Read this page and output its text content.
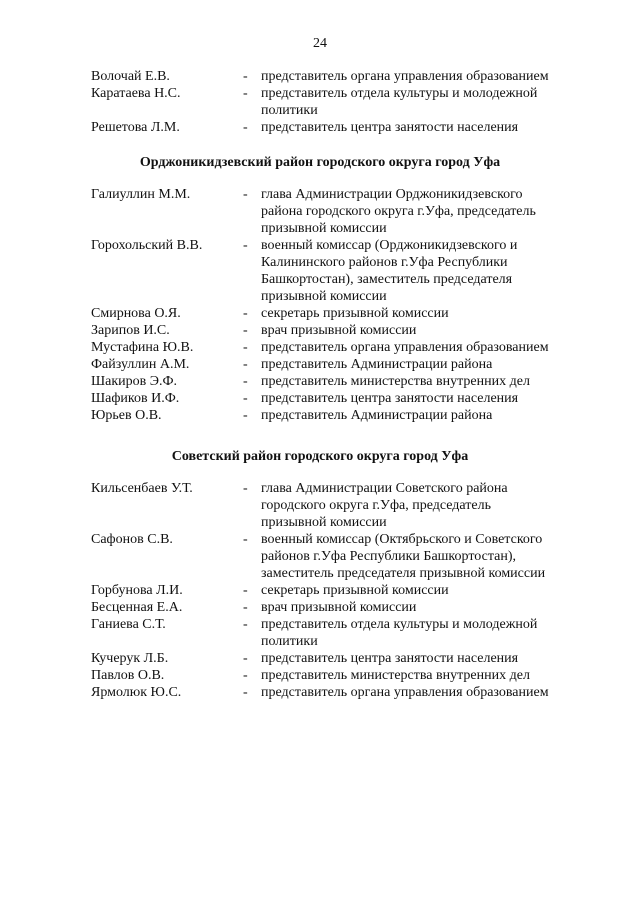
24
Волочай Е.В.	- представитель органа управления образованием
Каратаева Н.С.	- представитель отдела культуры и молодежной
политики
Решетова Л.М.	- представитель центра занятости населения
Орджоникидзевский район городского округа город Уфа
Галиуллин М.М.	- глава Администрации Орджоникидзевского
района городского округа г.Уфа, председатель
призывной комиссии
Горохольский В.В.	- военный комиссар (Орджоникидзевского и
Калининского районов г.Уфа Республики
Башкортостан), заместитель председателя
призывной комиссии
Смирнова О.Я.	- секретарь призывной комиссии
Зарипов И.С.	- врач призывной комиссии
Мустафина Ю.В.	- представитель органа управления образованием
Файзуллин А.М.	- представитель Администрации района
Шакиров Э.Ф.	- представитель министерства внутренних дел
Шафиков И.Ф.	- представитель центра занятости населения
Юрьев О.В.	- представитель Администрации района
Советский район городского округа город Уфа
Кильсенбаев У.Т.	- глава Администрации Советского района
городского округа г.Уфа, председатель
призывной комиссии
Сафонов С.В.	- военный комиссар (Октябрьского и Советского
районов г.Уфа Республики Башкортостан),
заместитель председателя призывной комиссии
Горбунова Л.И.	- секретарь призывной комиссии
Бесценная Е.А.	- врач призывной комиссии
Ганиева С.Т.	- представитель отдела культуры и молодежной
политики
Кучерук Л.Б.	- представитель центра занятости населения
Павлов О.В.	- представитель министерства внутренних дел
Ярмолюк Ю.С.	- представитель органа управления образованием
